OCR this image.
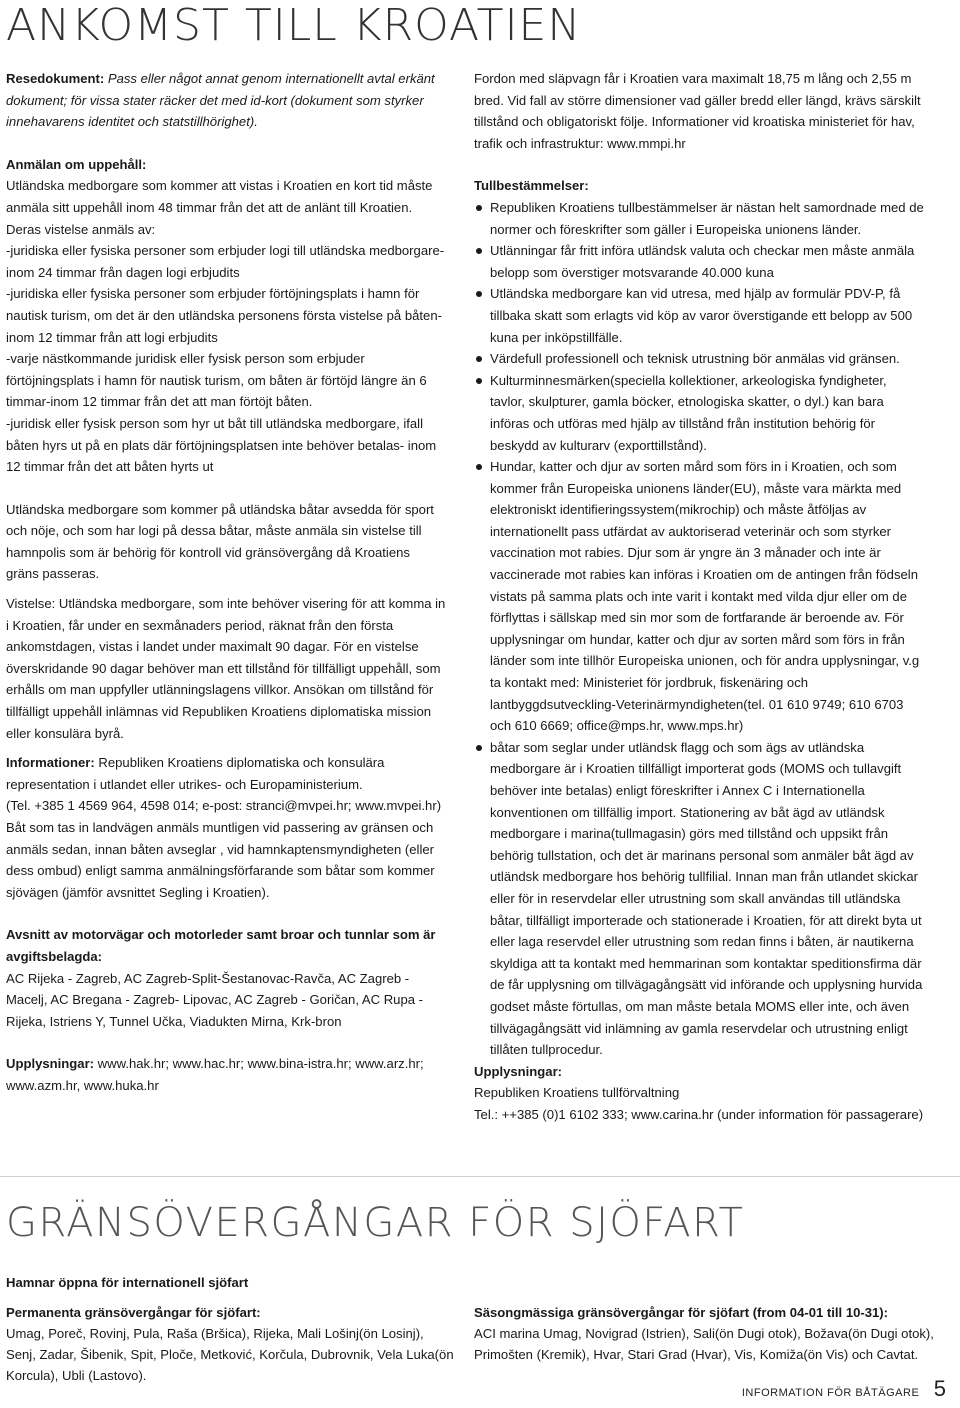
ANKOMST TILL KROATIEN

Resedokument: Pass eller något annat genom internationellt avtal erkänt dokument; för vissa stater räcker det med id-kort (dokument som styrker innehavarens identitet och statstillhörighet).

Anmälan om uppehåll:

Utländska medborgare som kommer att vistas i Kroatien en kort tid måste anmäla sitt uppehåll inom 48 timmar från det att de anlänt till Kroatien. Deras vistelse anmäls av:

-juridiska eller fysiska personer som erbjuder logi till utländska medborgare- inom 24 timmar från dagen logi erbjudits

-juridiska eller fysiska personer som erbjuder förtöjningsplats i hamn för nautisk turism, om det är den utländska personens första vistelse på båten-inom 12 timmar från att logi erbjudits

-varje nästkommande juridisk eller fysisk person som erbjuder förtöjningsplats i hamn för nautisk turism, om båten är förtöjd längre än 6 timmar-inom 12 timmar från det att man förtöjt båten.

-juridisk eller fysisk person som hyr ut båt till utländska medborgare, ifall båten hyrs ut på en plats där förtöjningsplatsen inte behöver betalas- inom 12 timmar från det att båten hyrts ut

Utländska medborgare som kommer på utländska båtar avsedda för sport och nöje, och som har logi på dessa båtar, måste anmäla sin vistelse till hamnpolis som är behörig för kontroll vid gränsövergång då Kroatiens gräns passeras.

Vistelse: Utländska medborgare, som inte behöver visering för att komma in i Kroatien, får under en sexmånaders period, räknat från den första ankomstdagen, vistas i landet under maximalt 90 dagar. För en vistelse överskridande 90 dagar behöver man ett tillstånd för tillfälligt uppehåll, som erhålls om man uppfyller utlänningslagens villkor. Ansökan om tillstånd för tillfälligt uppehåll inlämnas vid Republiken Kroatiens diplomatiska mission eller konsulära byrå.

Informationer: Republiken Kroatiens diplomatiska och konsulära representation i utlandet eller utrikes- och Europaministerium.

(Tel. +385 1 4569 964, 4598 014; e-post: stranci@mvpei.hr; www.mvpei.hr)

Båt som tas in landvägen anmäls muntligen vid passering av gränsen och anmäls sedan, innan båten avseglar , vid hamnkaptensmyndigheten (eller dess ombud) enligt samma anmälningsförfarande som båtar som kommer sjövägen (jämför avsnittet Segling i Kroatien).

Avsnitt av motorvägar och motorleder samt broar och tunnlar som är avgiftsbelagda:

AC Rijeka - Zagreb, AC Zagreb-Split-Šestanovac-Ravča, AC Zagreb - Macelj, AC Bregana - Zagreb- Lipovac, AC Zagreb - Goričan, AC Rupa - Rijeka, Istriens Y, Tunnel Učka, Viadukten Mirna, Krk-bron

Upplysningar: www.hak.hr; www.hac.hr; www.bina-istra.hr; www.arz.hr; www.azm.hr, www.huka.hr

Fordon med släpvagn får i Kroatien vara maximalt 18,75 m lång och 2,55 m bred. Vid fall av större dimensioner vad gäller bredd eller längd, krävs särskilt tillstånd och obligatoriskt följe. Informationer vid kroatiska ministeriet för hav, trafik och infrastruktur: www.mmpi.hr

Tullbestämmelser:

Republiken Kroatiens tullbestämmelser är nästan helt samordnade med de normer och föreskrifter som gäller i Europeiska unionens länder.
Utlänningar får fritt införa utländsk valuta och checkar men måste anmäla belopp som överstiger motsvarande 40.000 kuna
Utländska medborgare kan vid utresa, med hjälp av formulär PDV-P, få tillbaka skatt som erlagts vid köp av varor överstigande ett belopp av 500 kuna per inköpstillfälle.
Värdefull professionell och teknisk utrustning bör anmälas vid gränsen.
Kulturminnesmärken(speciella kollektioner, arkeologiska fyndigheter, tavlor, skulpturer, gamla böcker, etnologiska skatter, o dyl.) kan bara införas och utföras med hjälp av tillstånd från institution behörig för beskydd av kulturarv (exporttillstånd).
Hundar, katter och djur av sorten mård som förs in i Kroatien, och som kommer från Europeiska unionens länder(EU), måste vara märkta med elektroniskt identifieringssystem(mikrochip) och måste åtföljas av internationellt pass utfärdat av auktoriserad veterinär och som styrker vaccination mot rabies. Djur som är yngre än 3 månader och inte är vaccinerade mot rabies kan införas i Kroatien om de antingen från födseln vistats på samma plats och inte varit i kontakt med vilda djur eller om de förflyttas i sällskap med sin mor som de fortfarande är beroende av. För upplysningar om hundar, katter och djur av sorten mård som förs in från länder som inte tillhör Europeiska unionen, och för andra upplysningar, v.g ta kontakt med: Ministeriet för jordbruk, fiskenäring och lantbyggdsutveckling-Veterinärmyndigheten(tel. 01 610 9749; 610 6703 och 610 6669; office@mps.hr, www.mps.hr)
båtar som seglar under utländsk flagg och som ägs av utländska medborgare är i Kroatien tillfälligt importerat gods (MOMS och tullavgift behöver inte betalas) enligt föreskrifter i Annex C i Internationella konventionen om tillfällig import. Stationering av båt ägd av utländsk medborgare i marina(tullmagasin) görs med tillstånd och uppsikt från behörig tullstation, och det är marinans personal som anmäler båt ägd av utländsk medborgare hos behörig tullfilial. Innan man från utlandet skickar eller för in reservdelar eller utrustning som skall användas till utländska båtar, tillfälligt importerade och stationerade i Kroatien, för att direkt byta ut eller laga reservdel eller utrustning som redan finns i båten, är nautikerna skyldiga att ta kontakt med hemmarinan som kontaktar speditionsfirma där de får upplysning om tillvägagångsätt vid införande och upplysning hurvida godset måste förtullas, om man måste betala MOMS eller inte, och även tillvägagångsätt vid inlämning av gamla reservdelar och utrustning enligt tillåten tullprocedur.

Upplysningar:

Republiken Kroatiens tullförvaltning

Tel.: ++385 (0)1 6102 333; www.carina.hr (under information för passagerare)

GRÄNSÖVERGÅNGAR FÖR SJÖFART
Hamnar öppna för internationell sjöfart
Permanenta gränsövergångar för sjöfart:
Umag, Poreč, Rovinj, Pula, Raša (Bršica), Rijeka, Mali Lošinj(ön Losinj), Senj, Zadar, Šibenik, Spit, Ploče, Metković, Korčula, Dubrovnik, Vela Luka(ön Korcula), Ubli (Lastovo).
Säsongmässiga gränsövergångar för sjöfart (from 04-01 till 10-31):
ACI marina Umag, Novigrad (Istrien), Sali(ön Dugi otok), Božava(ön Dugi otok), Primošten (Kremik), Hvar, Stari Grad (Hvar), Vis, Komiža(ön Vis) och Cavtat.
INFORMATION FÖR BÅTÄGARE 5
